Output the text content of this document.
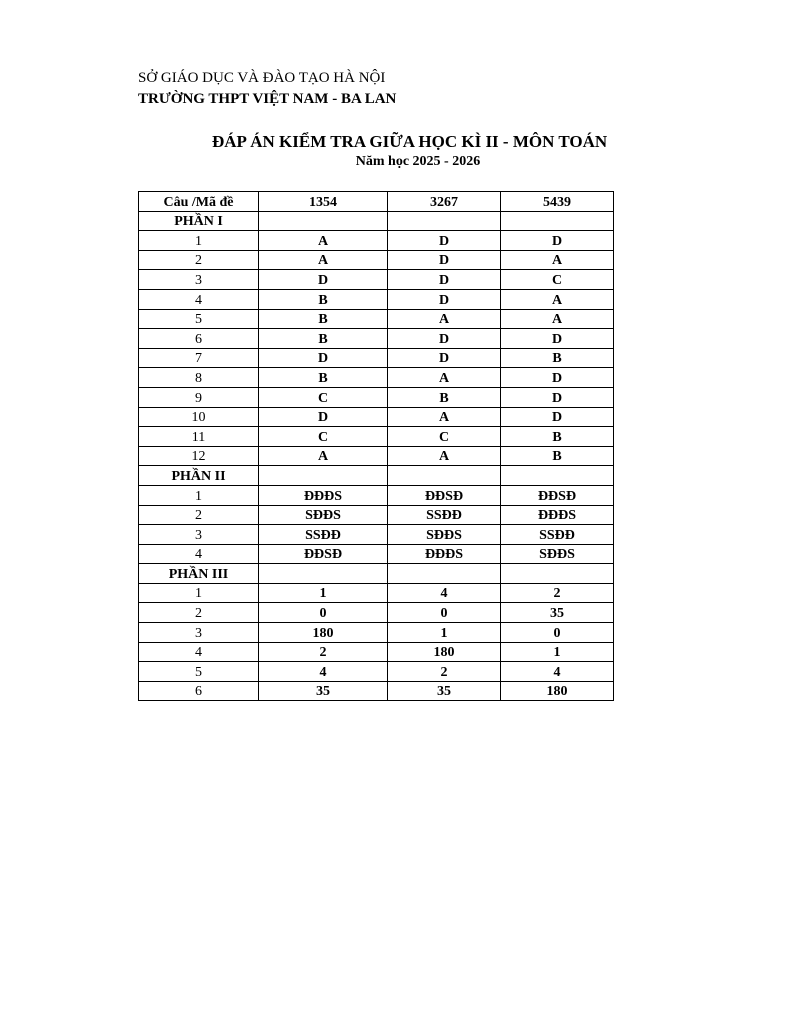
SỞ GIÁO DỤC VÀ ĐÀO TẠO HÀ NỘI
TRƯỜNG THPT VIỆT NAM - BA LAN
ĐÁP ÁN KIỂM TRA GIỮA HỌC KÌ II - MÔN TOÁN
Năm học 2025 - 2026
Câu /Mã đề	1354	3267	5439
PHẦN I			
1	A	D	D
2	A	D	A
3	D	D	C
4	B	D	A
5	B	A	A
6	B	D	D
7	D	D	B
8	B	A	D
9	C	B	D
10	D	A	D
11	C	C	B
12	A	A	B
PHẦN II			
1	ĐĐĐS	ĐĐSĐ	ĐĐSĐ
2	SĐĐS	SSĐĐ	ĐĐĐS
3	SSĐĐ	SĐĐS	SSĐĐ
4	ĐĐSĐ	ĐĐĐS	SĐĐS
PHẦN III			
1	1	4	2
2	0	0	35
3	180	1	0
4	2	180	1
5	4	2	4
6	35	35	180
